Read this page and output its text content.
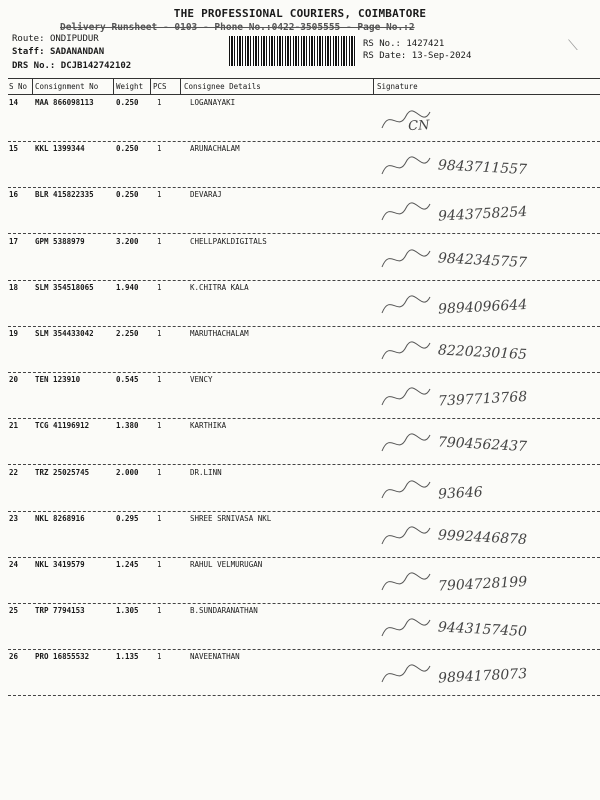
THE PROFESSIONAL COURIERS, COIMBATORE
Delivery Runsheet - 0103 - Phone No.:0422-3505555 - Page No.:2
Route: ONDIPUDUR
Staff: SADANANDAN
DRS No.: DCJB142742102
RS No.: 1427421
RS Date: 13-Sep-2024
⟍
S No Consignment No Weight PCS Consignee Details	Signature
14 MAA 866098113	0.250 1	LOGANAYAKI
CN
15 KKL 1399344	0.250 1	ARUNACHALAM
9843711557
16 BLR 415822335	0.250 1	DEVARAJ
9443758254
17 GPM 5388979	3.200 1	CHELLPAKLDIGITALS
9842345757
18 SLM 354518065	1.940 1	K.CHITRA KALA
9894096644
19 SLM 354433042	2.250 1	MARUTHACHALAM
8220230165
20 TEN 123910	0.545 1	VENCY
7397713768
21 TCG 41196912	1.380 1	KARTHIKA
7904562437
22 TRZ 25025745	2.000 1	DR.LINN
93646
23 NKL 8268916	0.295 1	SHREE SRNIVASA NKL
9992446878
24 NKL 3419579	1.245 1	RAHUL VELMURUGAN
7904728199
25 TRP 7794153	1.305 1	B.SUNDARANATHAN
9443157450
26 PRO 16855532	1.135 1	NAVEENATHAN
9894178073
